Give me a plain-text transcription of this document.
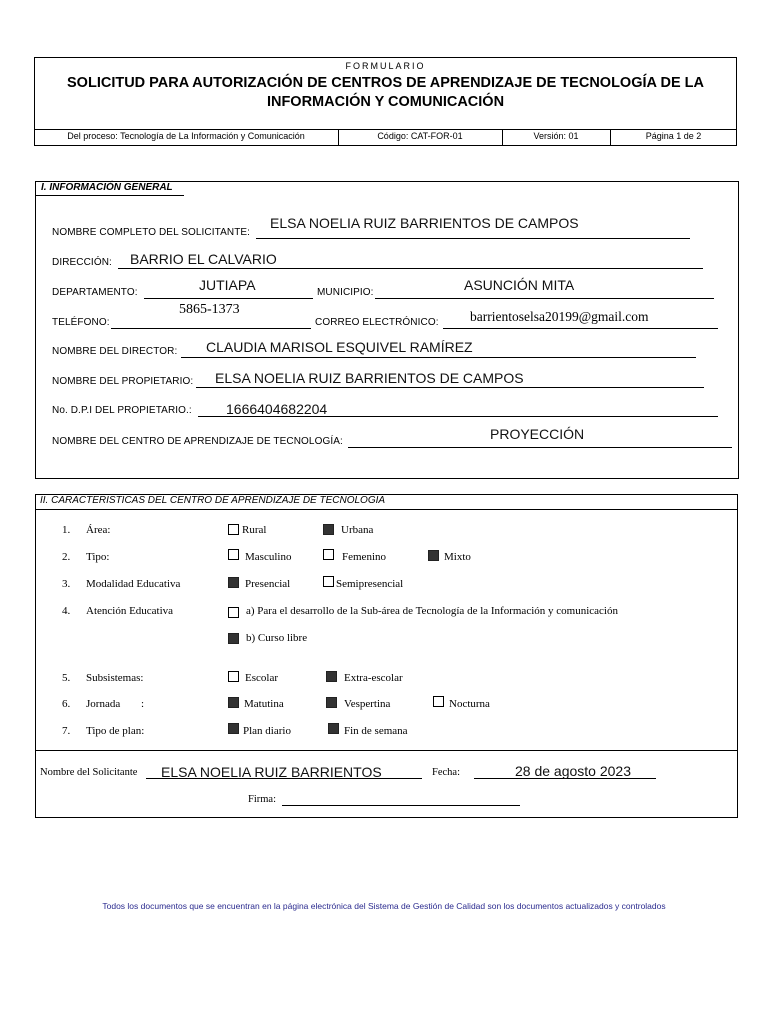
FORMULARIO
SOLICITUD PARA AUTORIZACIÓN DE CENTROS DE APRENDIZAJE DE TECNOLOGÍA DE LA
INFORMACIÓN Y COMUNICACIÓN
Del proceso: Tecnología de La Información y Comunicación	Código: CAT-FOR-01	Versión: 01	Página 1 de 2
I. INFORMACIÓN GENERAL
NOMBRE COMPLETO DEL SOLICITANTE:
ELSA NOELIA RUIZ BARRIENTOS DE CAMPOS
DIRECCIÓN: BARRIO EL CALVARIO
DEPARTAMENTO:	JUTIAPA	MUNICIPIO:	ASUNCIÓN MITA
TELÉFONO:
5865-1373
CORREO ELECTRÓNICO: barrientoselsa20199@gmail.com
NOMBRE DEL DIRECTOR: CLAUDIA MARISOL ESQUIVEL RAMÍREZ
NOMBRE DEL PROPIETARIO: ELSA NOELIA RUIZ BARRIENTOS DE CAMPOS
No. D.P.I DEL PROPIETARIO.: 1666404682204
NOMBRE DEL CENTRO DE APRENDIZAJE DE TECNOLOGÍA:	PROYECCIÓN
II. CARACTERISTICAS DEL CENTRO DE APRENDIZAJE DE TECNOLOGIA
1. Área:	Rural	Urbana
2. Tipo:	Masculino	Femenino	Mixto
3. Modalidad Educativa	Presencial	Semipresencial
4. Atención Educativa	a) Para el desarrollo de la Sub-área de Tecnología de la Información y comunicación
b) Curso libre
5. Subsistemas:	Escolar	Extra-escolar
6. Jornada :	Matutina	Vespertina	Nocturna
7. Tipo de plan:	Plan diario	Fin de semana
Nombre del Solicitante ELSA NOELIA RUIZ BARRIENTOS	Fecha:	28 de agosto 2023
Firma:
Todos los documentos que se encuentran en la página electrónica del Sistema de Gestión de Calidad son los documentos actualizados y controlados
